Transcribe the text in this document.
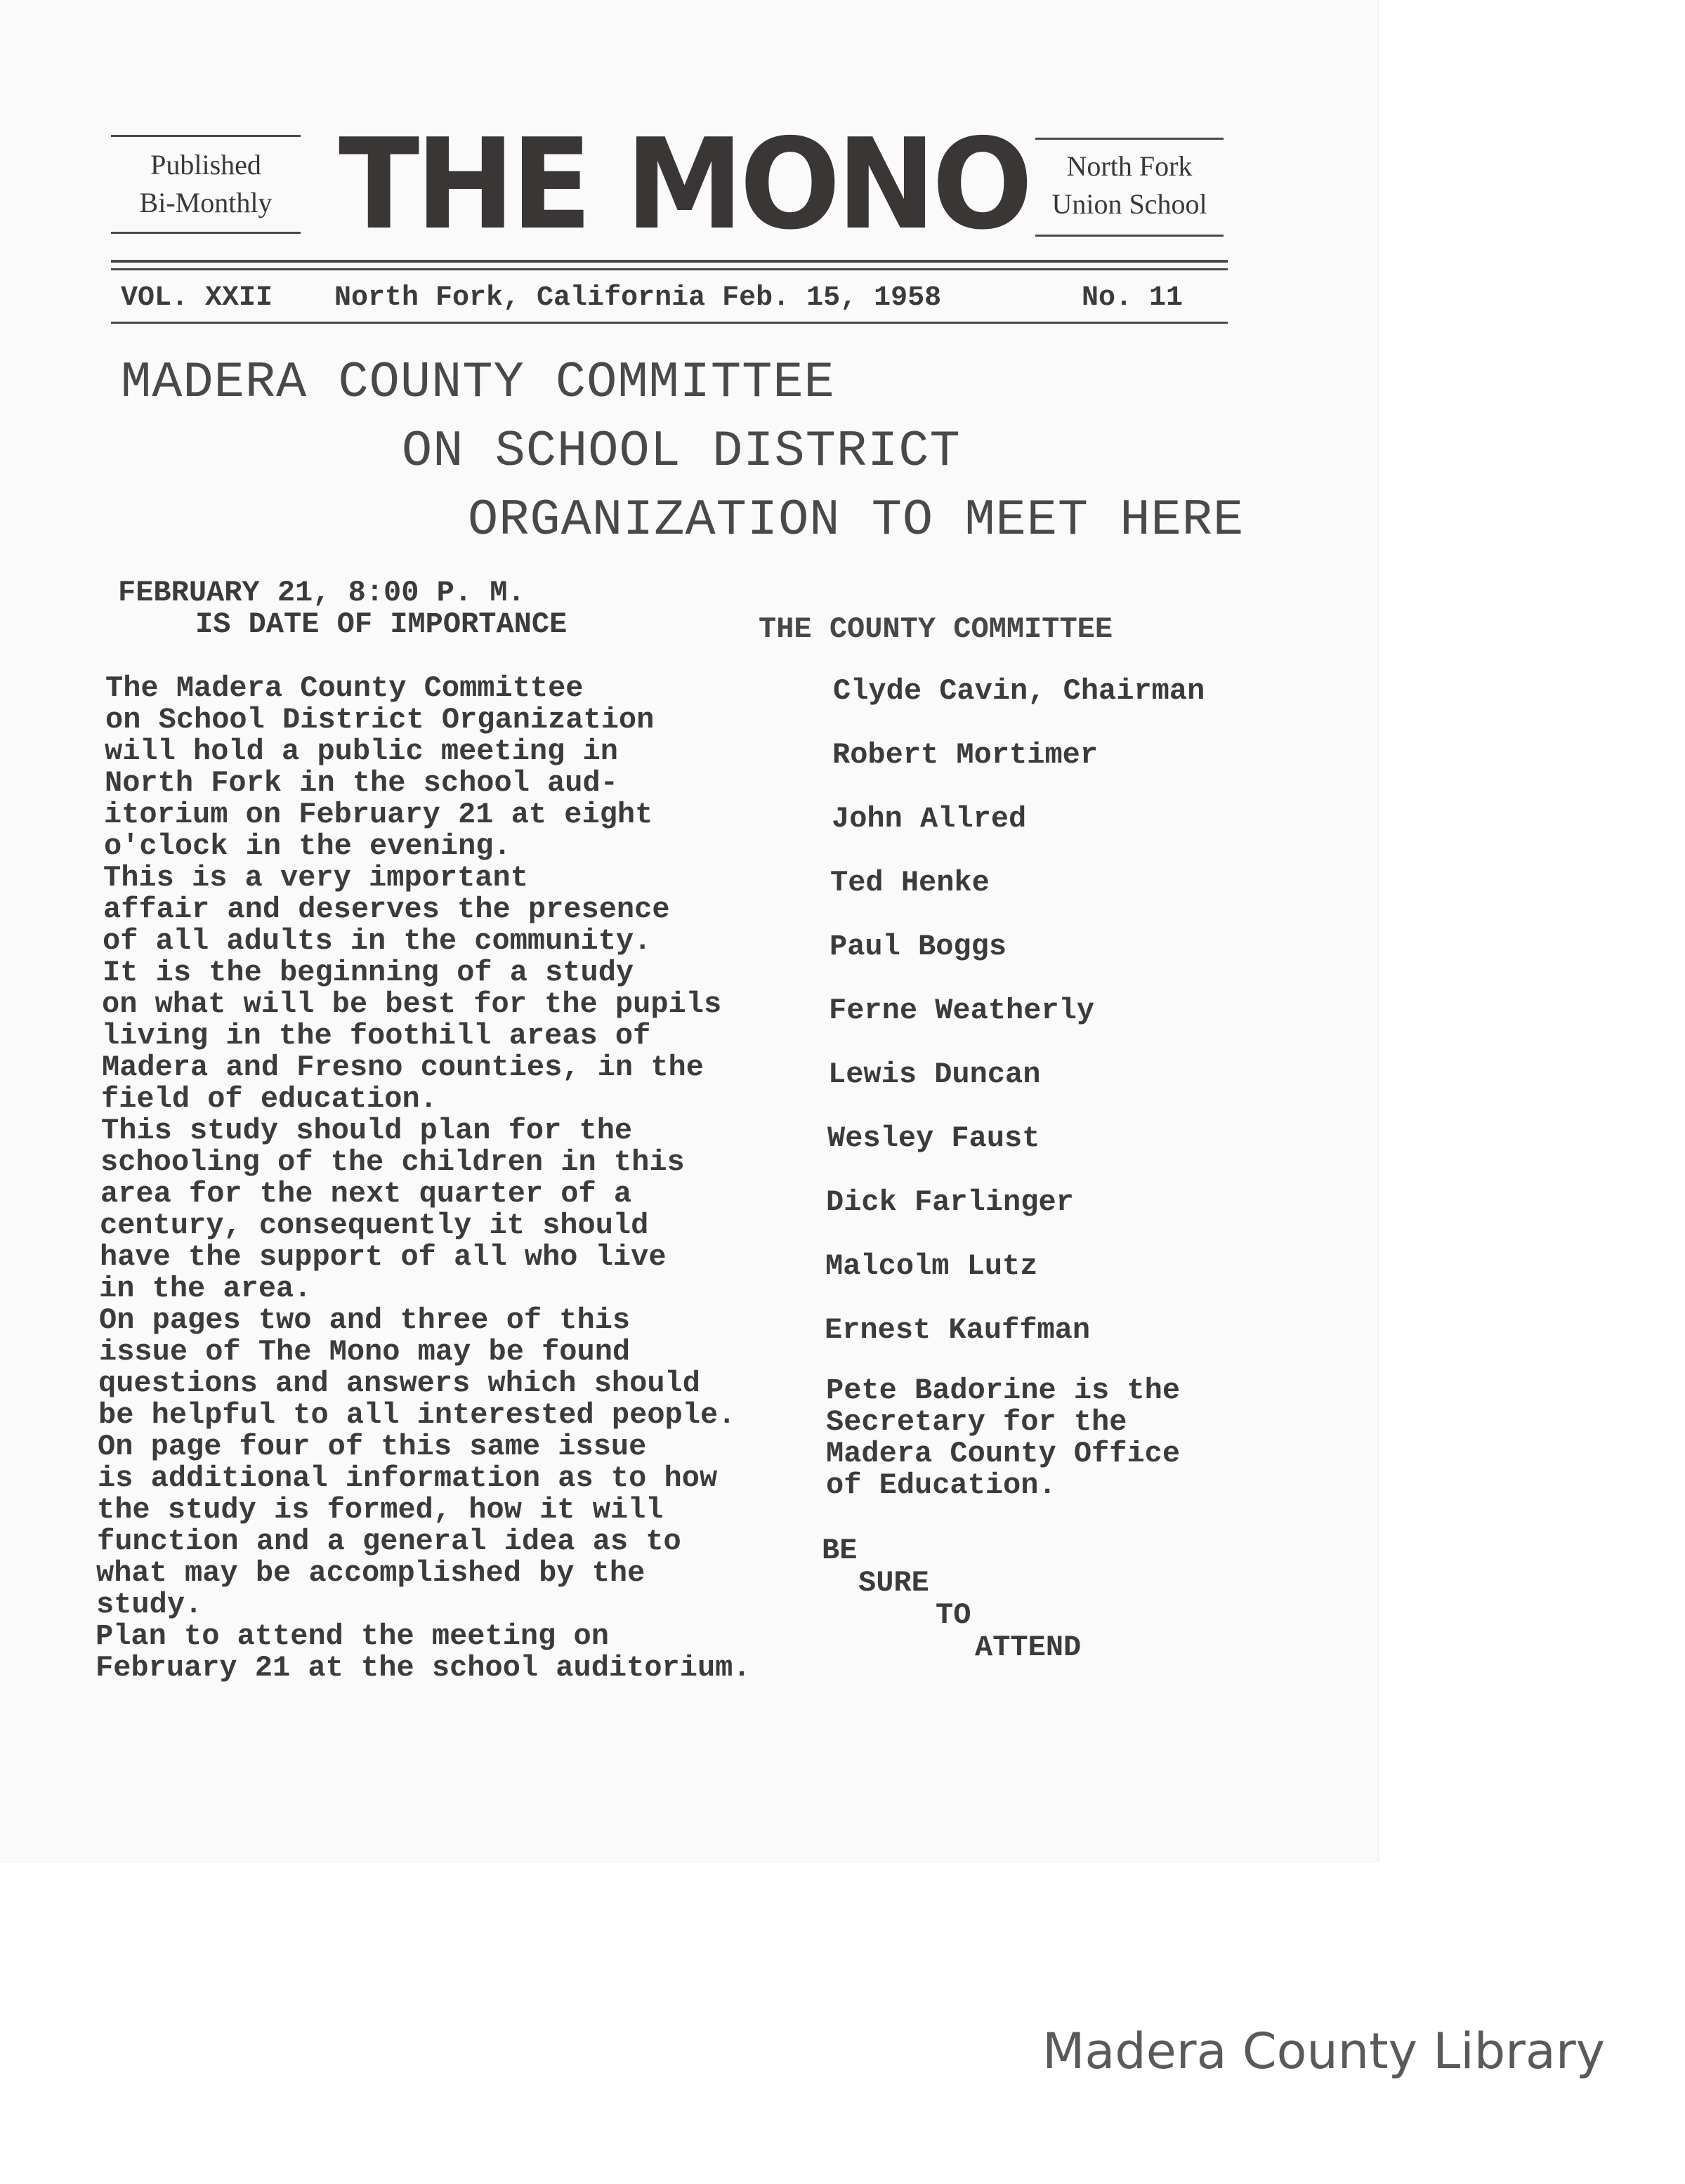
Published
Bi-Monthly THE MONO	North Fork
Union School
VOL. XXII North Fork, California Feb. 15, 1958	No. 11
MADERA COUNTY COMMITTEE
ON SCHOOL DISTRICT
ORGANIZATION TO MEET HERE
FEBRUARY 21, 8:00 P. M.
IS DATE OF IMPORTANCE
The Madera County Committee
on School District Organization
will hold a public meeting in
North Fork in the school aud-
itorium on February 21 at eight
o'clock in the evening.
This is a very important
affair and deserves the presence
of all adults in the community.
It is the beginning of a study
on what will be best for the pupils
living in the foothill areas of
Madera and Fresno counties, in the
field of education.
This study should plan for the
schooling of the children in this
area for the next quarter of a
century, consequently it should
have the support of all who live
in the area.
On pages two and three of this
issue of The Mono may be found
questions and answers which should
be helpful to all interested people.
On page four of this same issue
is additional information as to how
the study is formed, how it will
function and a general idea as to
what may be accomplished by the
study.
Plan to attend the meeting on
February 21 at the school auditorium.
THE COUNTY COMMITTEE
Clyde Cavin, Chairman
Robert Mortimer
John Allred
Ted Henke
Paul Boggs
Ferne Weatherly
Lewis Duncan
Wesley Faust
Dick Farlinger
Malcolm Lutz
Ernest Kauffman
Pete Badorine is the
Secretary for the
Madera County Office
of Education.
BE
SURE
TO
ATTEND
Madera County Library
